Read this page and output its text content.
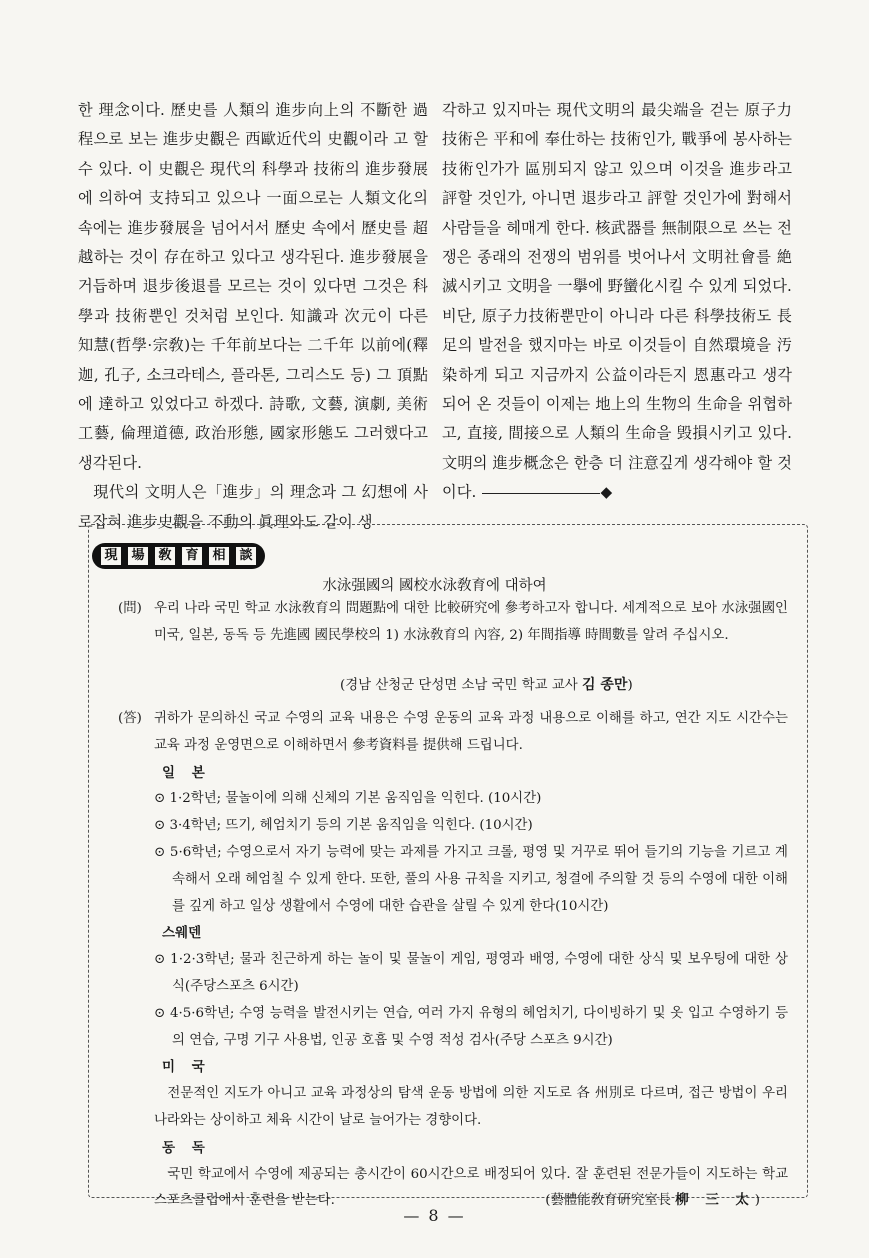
한 理念이다. 歷史를 人類의 進步向上의 不斷한 過程으로 보는 進步史觀은 西歐近代의 史觀이라 고 할 수 있다. 이 史觀은 現代의 科學과 技術의 進步發展에 의하여 支持되고 있으나 一面으로는 人類文化의 속에는 進步發展을 넘어서서 歷史 속에서 歷史를 超越하는 것이 存在하고 있다고 생각된다. 進步發展을 거듭하며 退步後退를 모르는 것이 있다면 그것은 科學과 技術뿐인 것처럼 보인다. 知識과 次元이 다른 知慧(哲學·宗敎)는 千年前보다는 二千年 以前에(釋迦, 孔子, 소크라테스, 플라톤, 그리스도 등) 그 頂點에 達하고 있었다고 하겠다. 詩歌, 文藝, 演劇, 美術工藝, 倫理道德, 政治形態, 國家形態도 그러했다고 생각된다.

現代의 文明人은「進步」의 理念과 그 幻想에 사로잡혀 進步史觀을 不動의 眞理와도 같이 생

각하고 있지마는 現代文明의 最尖端을 걷는 原子力技術은 平和에 奉仕하는 技術인가, 戰爭에 봉사하는 技術인가가 區別되지 않고 있으며 이것을 進步라고 評할 것인가, 아니면 退步라고 評할 것인가에 對해서 사람들을 헤매게 한다. 核武器를 無制限으로 쓰는 전쟁은 종래의 전쟁의 범위를 벗어나서 文明社會를 絶滅시키고 文明을 一擧에 野蠻化시킬 수 있게 되었다. 비단, 原子力技術뿐만이 아니라 다른 科學技術도 長足의 발전을 했지마는 바로 이것들이 自然環境을 汚染하게 되고 지금까지 公益이라든지 恩惠라고 생각되어 온 것들이 이제는 地上의 生物의 生命을 위협하고, 直接, 間接으로 人類의 生命을 毁損시키고 있다. 文明의 進步概念은 한층 더 注意깊게 생각해야 할 것이다.	◆

現	場	敎	育	相	談
水泳强國의 國校水泳敎育에 대하여
(問) 우리 나라 국민 학교 水泳敎育의 問題點에 대한 比較硏究에 參考하고자 합니다. 세계적으로 보아 水泳强國인 미국, 일본, 동독 등 先進國 國民學校의 1) 水泳敎育의 內容, 2) 年間指導 時間數를 알려 주십시오.
(경남 산청군 단성면 소남 국민 학교 교사 김 종만)
(答) 귀하가 문의하신 국교 수영의 교육 내용은 수영 운동의 교육 과정 내용으로 이해를 하고, 연간 지도 시간수는 교육 과정 운영면으로 이해하면서 參考資料를 提供해 드립니다.
일 본
⊙ 1·2학년; 물놀이에 의해 신체의 기본 움직임을 익힌다. (10시간)
⊙ 3·4학년; 뜨기, 헤엄치기 등의 기본 움직임을 익힌다. (10시간)
⊙ 5·6학년; 수영으로서 자기 능력에 맞는 과제를 가지고 크롤, 평영 및 거꾸로 뛰어 들기의 기능을 기르고 계속해서 오래 헤엄칠 수 있게 한다. 또한, 풀의 사용 규칙을 지키고, 청결에 주의할 것 등의 수영에 대한 이해를 깊게 하고 일상 생활에서 수영에 대한 습관을 살릴 수 있게 한다(10시간)
스웨덴
⊙ 1·2·3학년; 물과 친근하게 하는 놀이 및 물놀이 게임, 평영과 배영, 수영에 대한 상식 및 보우팅에 대한 상식(주당스포츠 6시간)
⊙ 4·5·6학년; 수영 능력을 발전시키는 연습, 여러 가지 유형의 헤엄치기, 다이빙하기 및 옷 입고 수영하기 등의 연습, 구명 기구 사용법, 인공 호흡 및 수영 적성 검사(주당 스포츠 9시간)
미 국
전문적인 지도가 아니고 교육 과정상의 탐색 운동 방법에 의한 지도로 各 州別로 다르며, 접근 방법이 우리 나라와는 상이하고 체육 시간이 날로 늘어가는 경향이다.
동 독
국민 학교에서 수영에 제공되는 총시간이 60시간으로 배정되어 있다. 잘 훈련된 전문가들이 지도하는 학교 스포츠클럽에서 훈련을 받는다.	(藝體能敎育硏究室長 柳 三 太)
— 8 —
